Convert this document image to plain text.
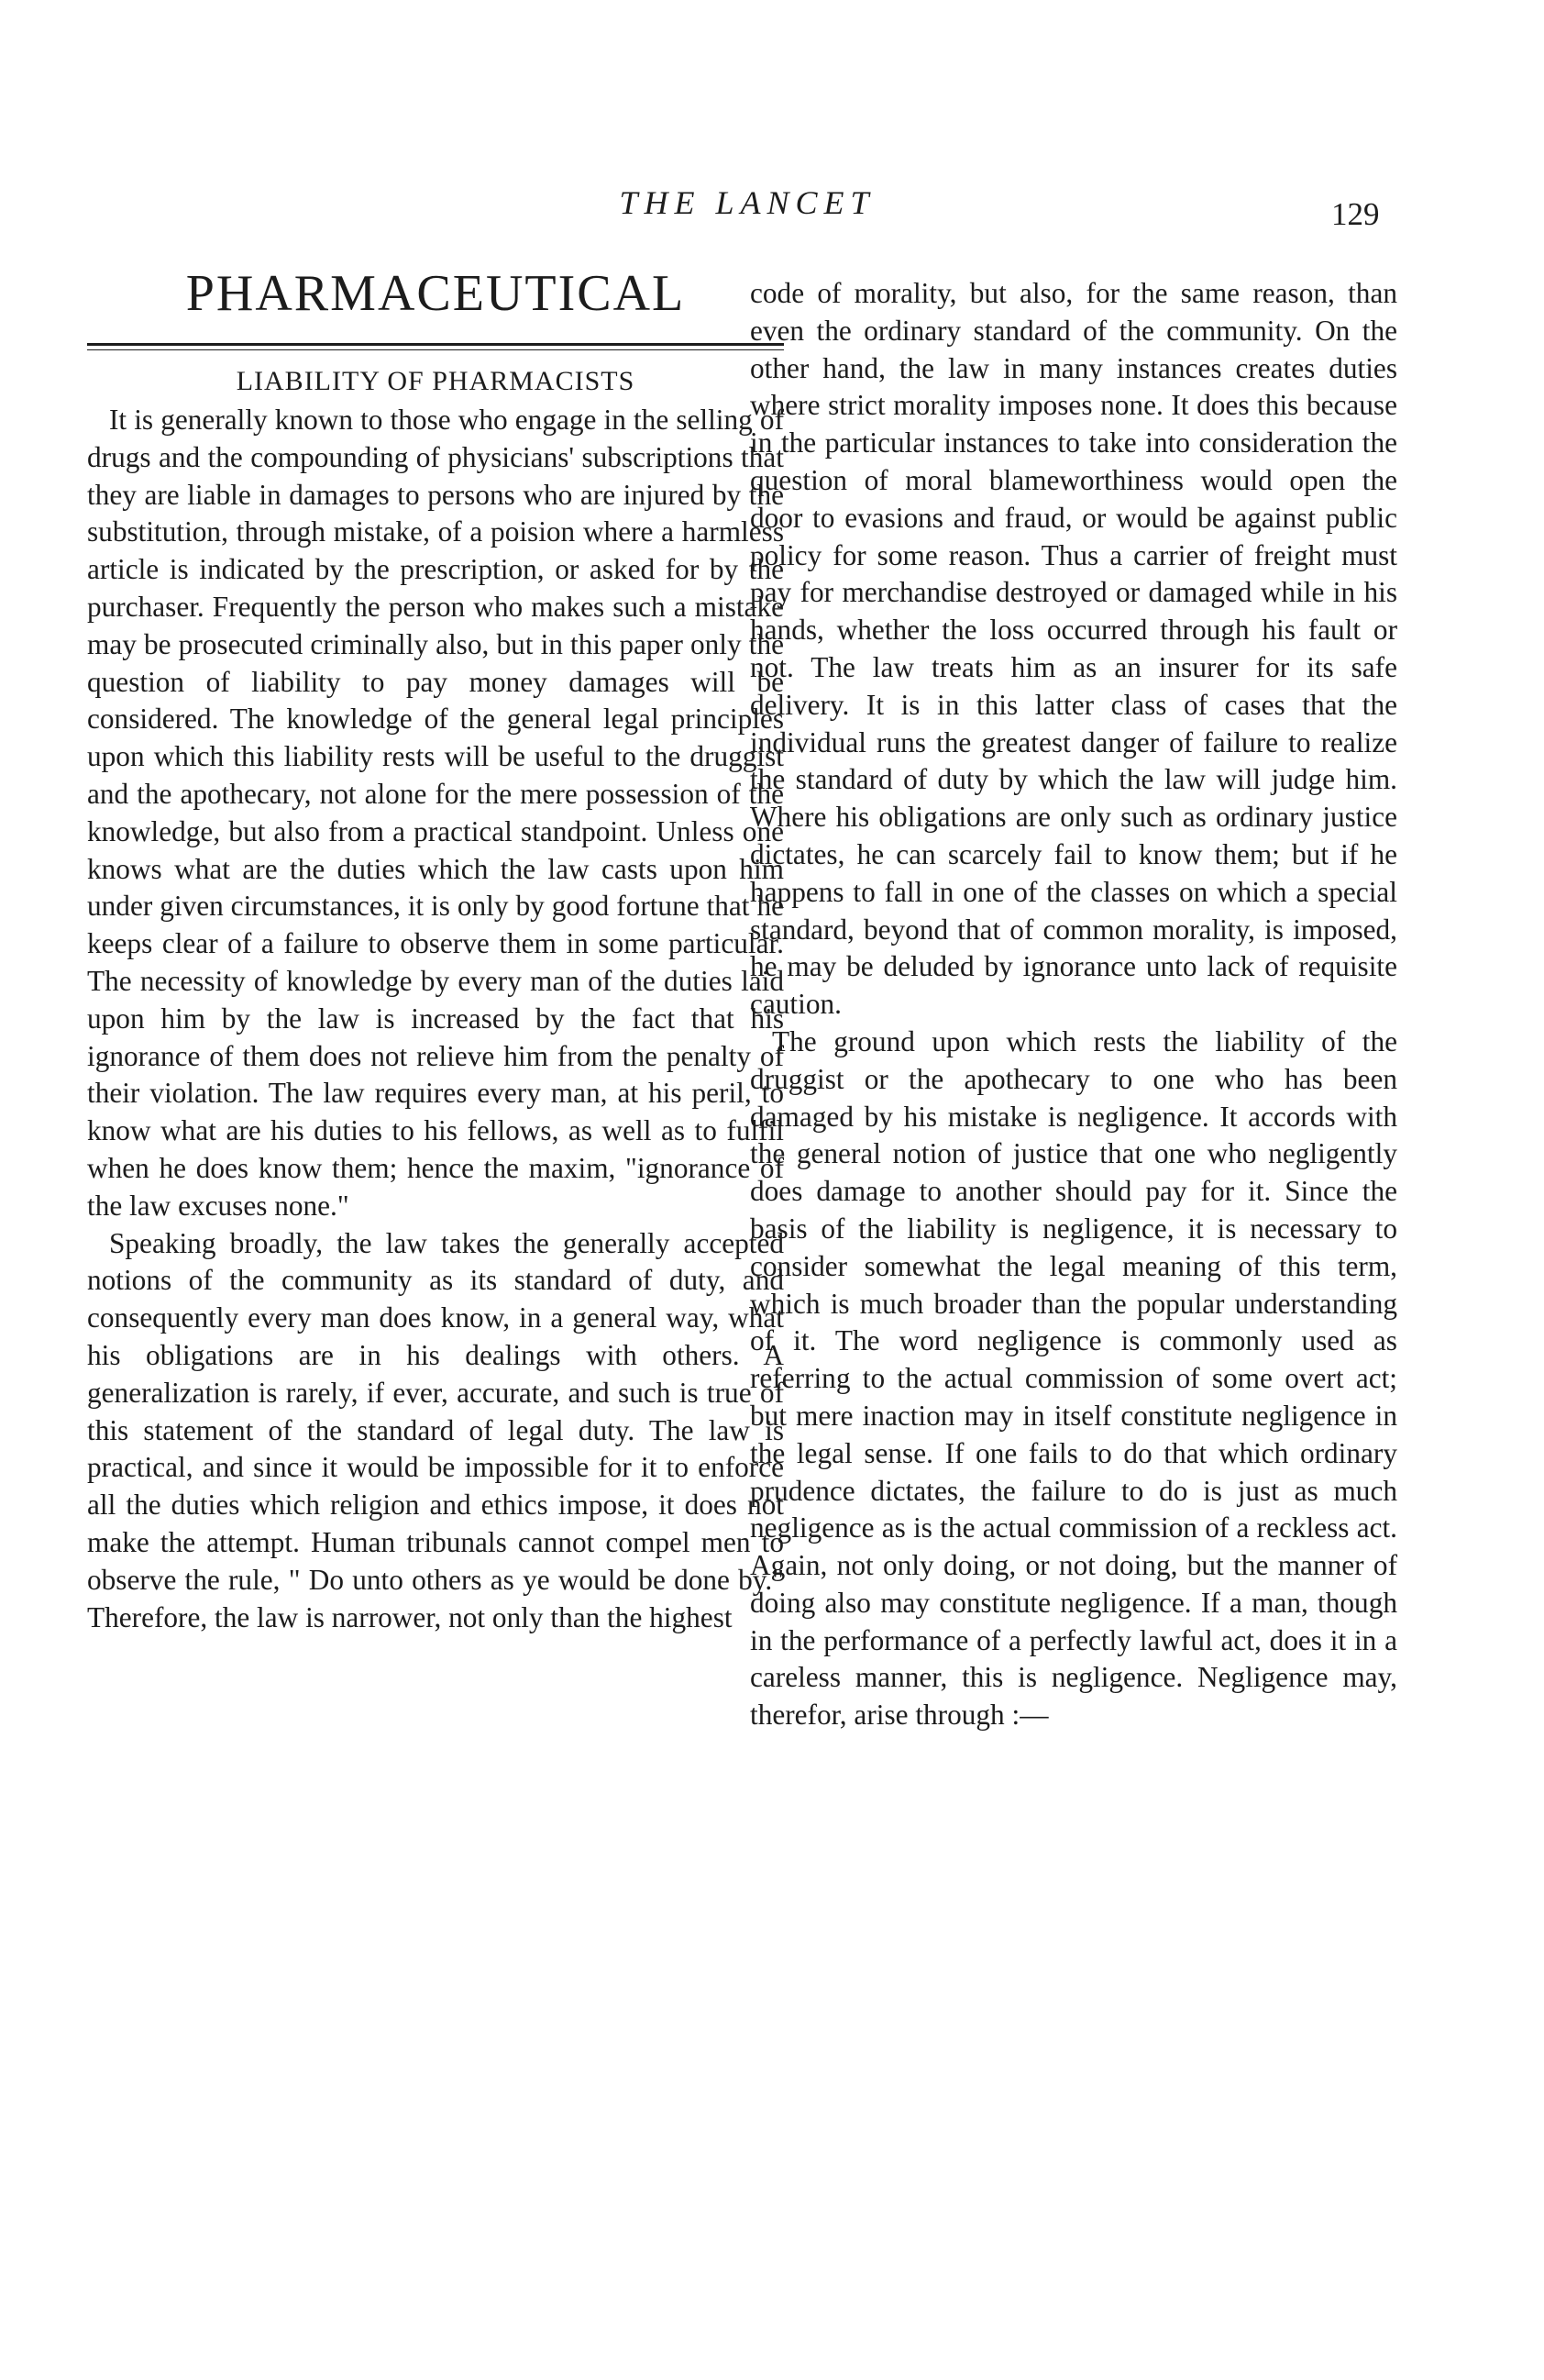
THE LANCET	129
PHARMACEUTICAL
LIABILITY OF PHARMACISTS

It is generally known to those who engage in the selling of drugs and the compounding of physicians' subscriptions that they are liable in damages to persons who are injured by the substitution, through mistake, of a poision where a harmless article is indicated by the prescription, or asked for by the purchaser. Frequently the person who makes such a mistake may be prosecuted criminally also, but in this paper only the question of liability to pay money damages will be considered. The knowledge of the general legal principles upon which this liability rests will be useful to the druggist and the apothecary, not alone for the mere possession of the knowledge, but also from a practical standpoint. Unless one knows what are the duties which the law casts upon him under given circumstances, it is only by good fortune that he keeps clear of a failure to observe them in some particular. The necessity of knowledge by every man of the duties laid upon him by the law is increased by the fact that his ignorance of them does not relieve him from the penalty of their violation. The law requires every man, at his peril, to know what are his duties to his fellows, as well as to fulfil when he does know them; hence the maxim, "ignorance of the law excuses none."

Speaking broadly, the law takes the generally accepted notions of the community as its standard of duty, and consequently every man does know, in a general way, what his obligations are in his dealings with others. A generalization is rarely, if ever, accurate, and such is true of this statement of the standard of legal duty. The law is practical, and since it would be impossible for it to enforce all the duties which religion and ethics impose, it does not make the attempt. Human tribunals cannot compel men to observe the rule, " Do unto others as ye would be done by." Therefore, the law is narrower, not only than the highest

code of morality, but also, for the same reason, than even the ordinary standard of the community. On the other hand, the law in many instances creates duties where strict morality imposes none. It does this because in the particular instances to take into consideration the question of moral blameworthiness would open the door to evasions and fraud, or would be against public policy for some reason. Thus a carrier of freight must pay for merchandise destroyed or damaged while in his hands, whether the loss occurred through his fault or not. The law treats him as an insurer for its safe delivery. It is in this latter class of cases that the individual runs the greatest danger of failure to realize the standard of duty by which the law will judge him. Where his obligations are only such as ordinary justice dictates, he can scarcely fail to know them; but if he happens to fall in one of the classes on which a special standard, beyond that of common morality, is imposed, he may be deluded by ignorance unto lack of requisite caution.

The ground upon which rests the liability of the druggist or the apothecary to one who has been damaged by his mistake is negligence. It accords with the general notion of justice that one who negligently does damage to another should pay for it. Since the basis of the liability is negligence, it is necessary to consider somewhat the legal meaning of this term, which is much broader than the popular understanding of it. The word negligence is commonly used as referring to the actual commission of some overt act; but mere inaction may in itself constitute negligence in the legal sense. If one fails to do that which ordinary prudence dictates, the failure to do is just as much negligence as is the actual commission of a reckless act. Again, not only doing, or not doing, but the manner of doing also may constitute negligence. If a man, though in the performance of a perfectly lawful act, does it in a careless manner, this is negligence. Negligence may, therefor, arise through :—
